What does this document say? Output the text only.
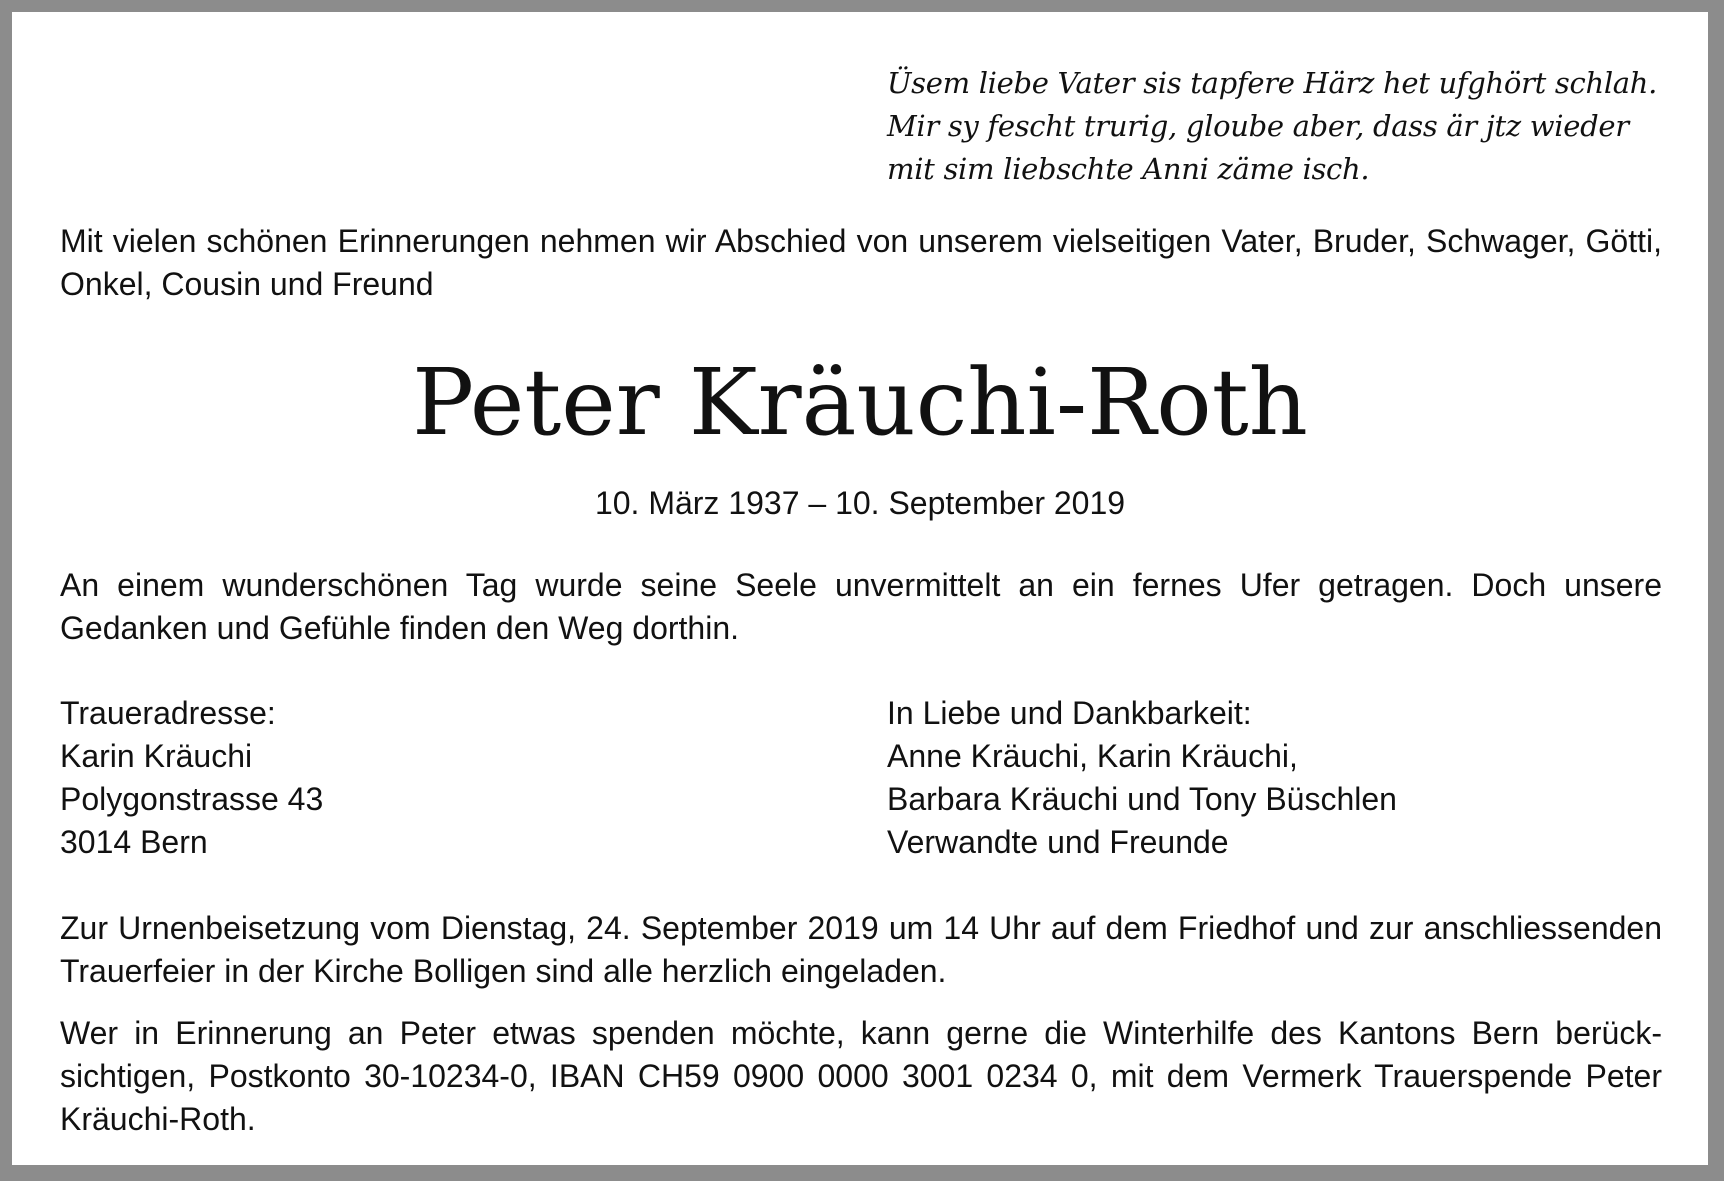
Üsem liebe Vater sis tapfere Härz het ufghört schlah.
Mir sy fescht trurig, gloube aber, dass är jtz wieder
mit sim liebschte Anni zäme isch.
Mit vielen schönen Erinnerungen nehmen wir Abschied von unserem vielseitigen Vater, Bruder, Schwager, Götti, Onkel, Cousin und Freund
Peter Kräuchi-Roth
10. März 1937 – 10. September 2019
An einem wunderschönen Tag wurde seine Seele unvermittelt an ein fernes Ufer getragen. Doch unsere Gedanken und Gefühle finden den Weg dorthin.
Traueradresse:
Karin Kräuchi
Polygonstrasse 43
3014 Bern
In Liebe und Dankbarkeit:
Anne Kräuchi, Karin Kräuchi,
Barbara Kräuchi und Tony Büschlen
Verwandte und Freunde
Zur Urnenbeisetzung vom Dienstag, 24. September 2019 um 14 Uhr auf dem Friedhof und zur anschliessenden Trauerfeier in der Kirche Bolligen sind alle herzlich eingeladen.
Wer in Erinnerung an Peter etwas spenden möchte, kann gerne die Winterhilfe des Kantons Bern berück-sichtigen, Postkonto 30-10234-0, IBAN CH59 0900 0000 3001 0234 0, mit dem Vermerk Trauerspende Peter Kräuchi-Roth.
